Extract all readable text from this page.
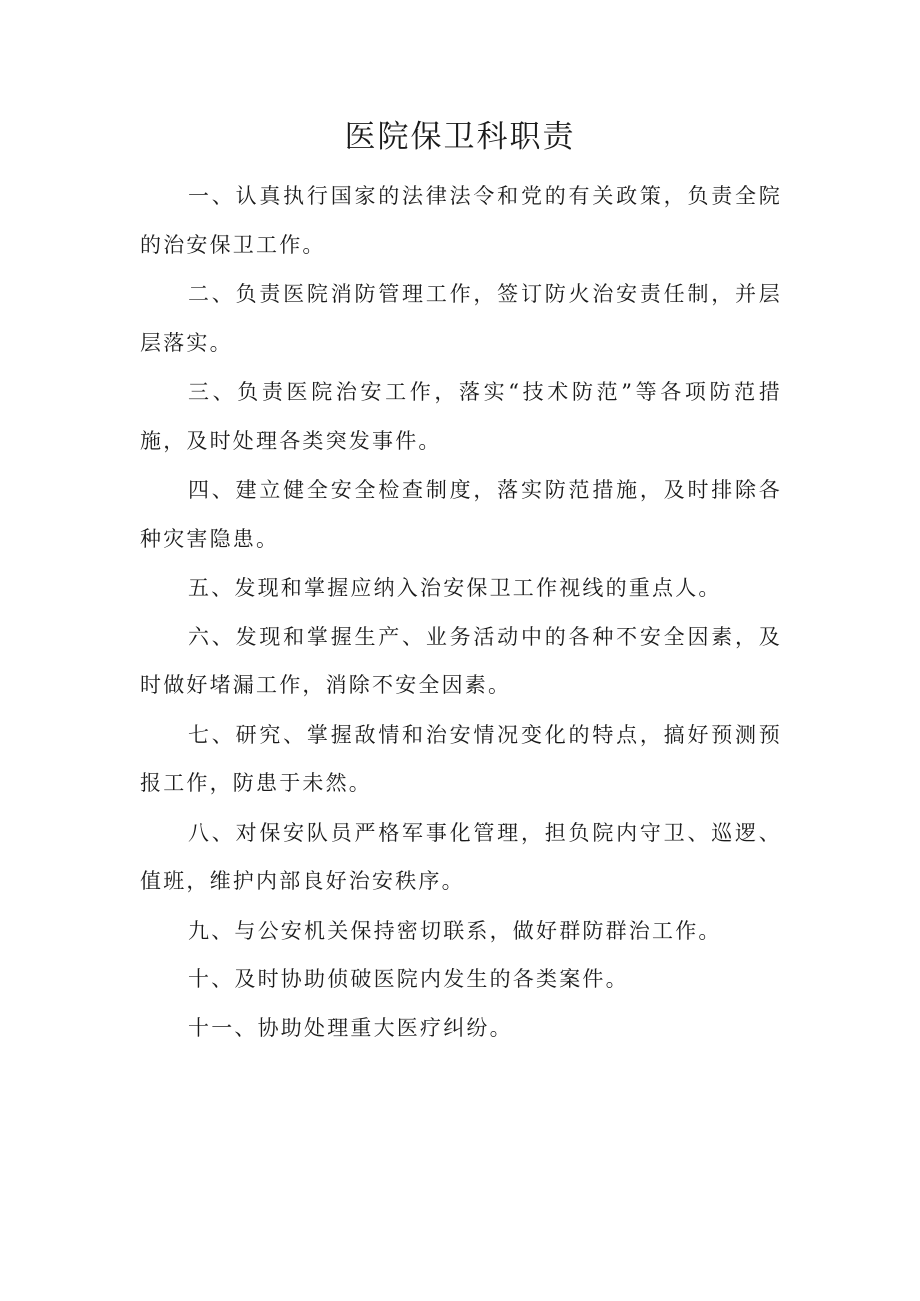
医院保卫科职责

一、认真执行国家的法律法令和党的有关政策，负责全院的治安保卫工作。

二、负责医院消防管理工作，签订防火治安责任制，并层层落实。

三、负责医院治安工作，落实“技术防范”等各项防范措施，及时处理各类突发事件。

四、建立健全安全检查制度，落实防范措施，及时排除各种灾害隐患。

五、发现和掌握应纳入治安保卫工作视线的重点人。

六、发现和掌握生产、业务活动中的各种不安全因素，及时做好堵漏工作，消除不安全因素。

七、研究、掌握敌情和治安情况变化的特点，搞好预测预报工作，防患于未然。

八、对保安队员严格军事化管理，担负院内守卫、巡逻、值班，维护内部良好治安秩序。

九、与公安机关保持密切联系，做好群防群治工作。

十、及时协助侦破医院内发生的各类案件。

十一、协助处理重大医疗纠纷。
